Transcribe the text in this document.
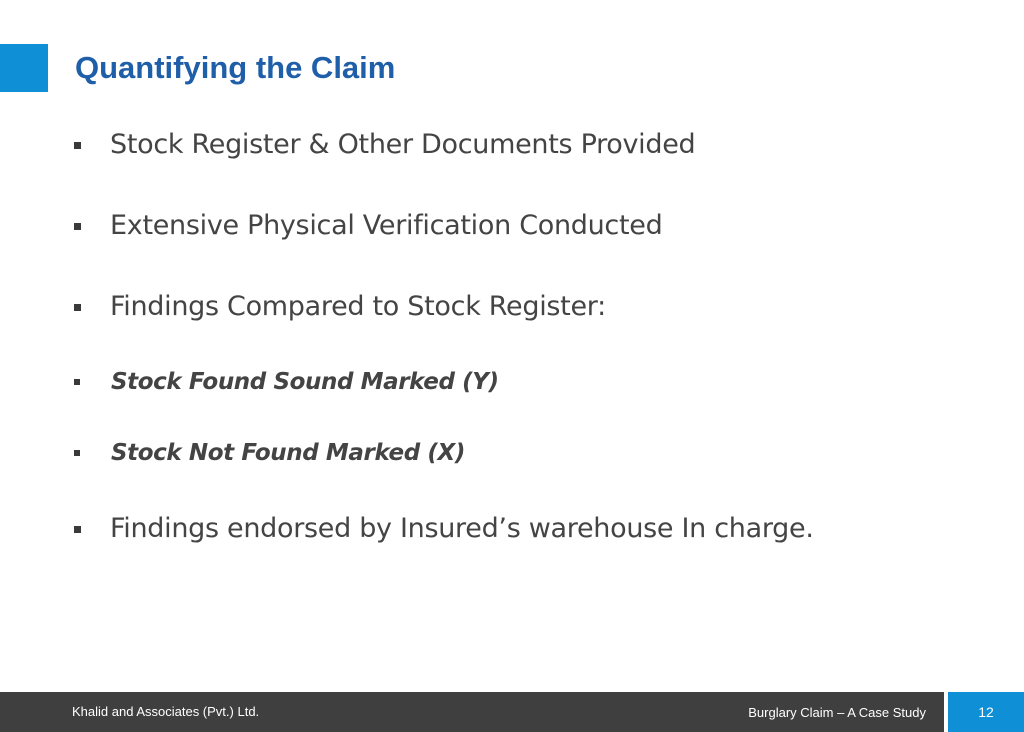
Quantifying the Claim
Stock Register & Other Documents Provided
Extensive Physical Verification Conducted
Findings Compared to Stock Register:
Stock Found Sound Marked (Y)
Stock Not Found Marked (X)
Findings endorsed by Insured’s warehouse In charge.
Khalid and Associates (Pvt.) Ltd.	Burglary Claim – A Case Study	12
